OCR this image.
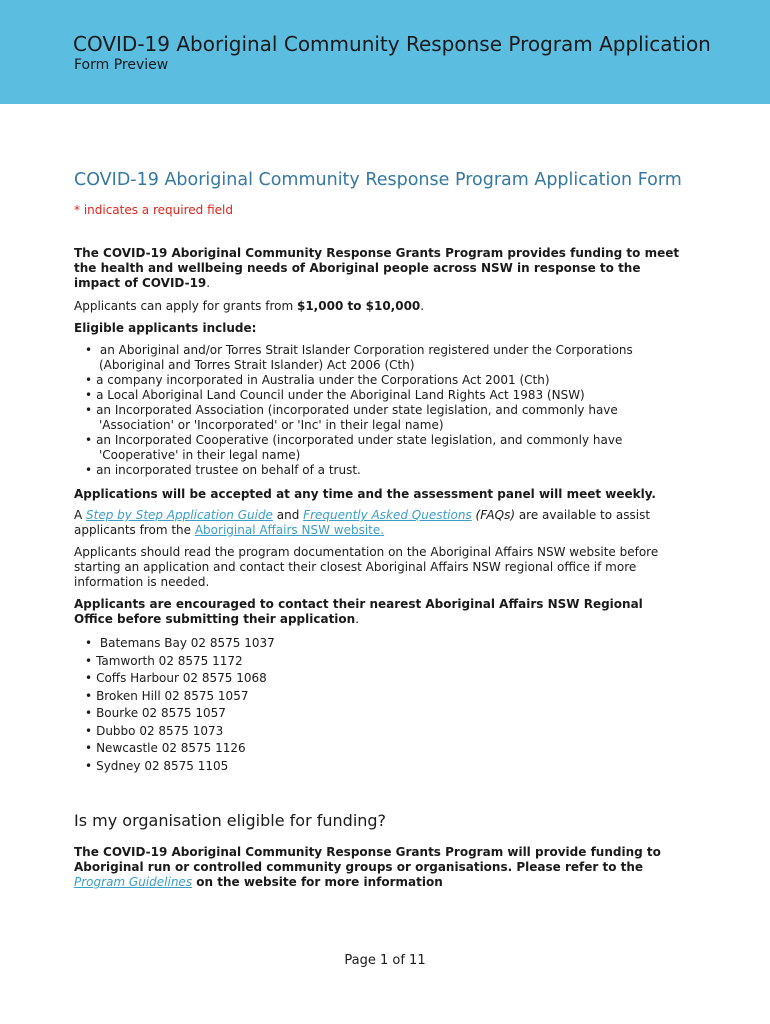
COVID-19 Aboriginal Community Response Program Application
Form Preview
COVID-19 Aboriginal Community Response Program Application Form
* indicates a required field

The COVID-19 Aboriginal Community Response Grants Program provides funding to meet the health and wellbeing needs of Aboriginal people across NSW in response to the impact of COVID-19.

Applicants can apply for grants from $1,000 to $10,000.

Eligible applicants include:

• an Aboriginal and/or Torres Strait Islander Corporation registered under the Corporations (Aboriginal and Torres Strait Islander) Act 2006 (Cth)
• a company incorporated in Australia under the Corporations Act 2001 (Cth)
• a Local Aboriginal Land Council under the Aboriginal Land Rights Act 1983 (NSW)
• an Incorporated Association (incorporated under state legislation, and commonly have 'Association' or 'Incorporated' or 'Inc' in their legal name)
• an Incorporated Cooperative (incorporated under state legislation, and commonly have 'Cooperative' in their legal name)
• an incorporated trustee on behalf of a trust.

Applications will be accepted at any time and the assessment panel will meet weekly.

A Step by Step Application Guide and Frequently Asked Questions (FAQs) are available to assist applicants from the Aboriginal Affairs NSW website.

Applicants should read the program documentation on the Aboriginal Affairs NSW website before starting an application and contact their closest Aboriginal Affairs NSW regional office if more information is needed.

Applicants are encouraged to contact their nearest Aboriginal Affairs NSW Regional Office before submitting their application.

• Batemans Bay 02 8575 1037
• Tamworth 02 8575 1172
• Coffs Harbour 02 8575 1068
• Broken Hill 02 8575 1057
• Bourke 02 8575 1057
• Dubbo 02 8575 1073
• Newcastle 02 8575 1126
• Sydney 02 8575 1105
Is my organisation eligible for funding?

The COVID-19 Aboriginal Community Response Grants Program will provide funding to Aboriginal run or controlled community groups or organisations. Please refer to the Program Guidelines on the website for more information

Page 1 of 11
